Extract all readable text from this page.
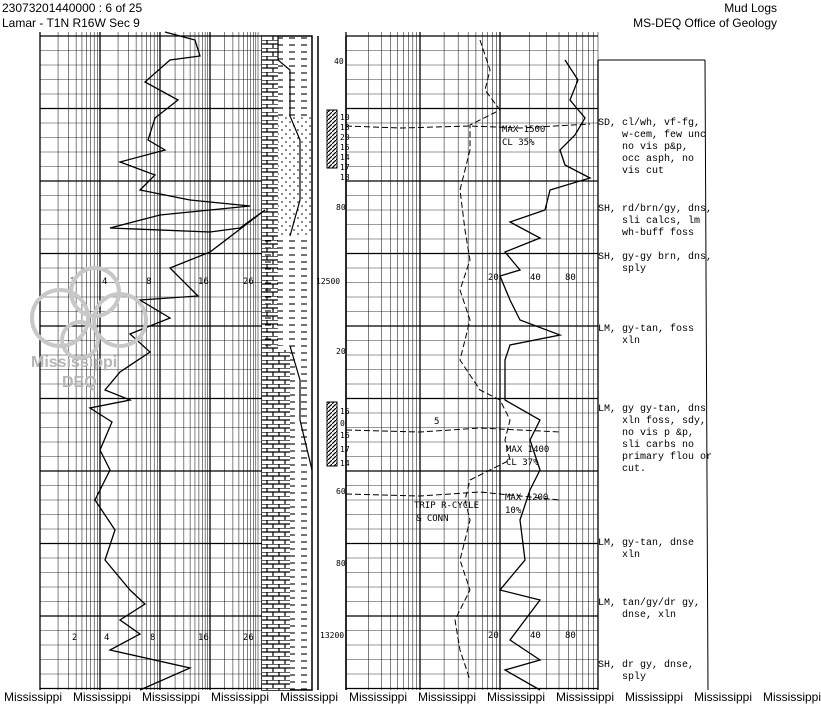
23073201440000 : 6 of 25
Lamar - T1N R16W Sec 9
Mud Logs
MS-DEQ Office of Geology
2	4	8	16	26
2	4	8	16	26
20	40	80
20	40	80
40
10
13
20
15
14
17
18
80
12500
20
15
0
16
17
14
60
80
13200
MAX 1500
CL 35%
5
MAX 1400
CL 37%
TRIP R-CYCLE
& CONN
MAX 1200
10%
SD, cl/wh, vf-fg,
w-cem, few unc
no vis p&p,
occ asph, no
vis cut
SH, rd/brn/gy, dns,
sli calcs, lm
wh-buff foss
SH, gy-gy brn, dns,
sply
LM, gy-tan, foss
xln
LM, gy gy-tan, dns
xln foss, sdy,
no vis p &p,
sli carbs no
primary flou or
cut.
LM, gy-tan, dnse
xln
LM, tan/gy/dr gy,
dnse, xln
SH, dr gy, dnse,
sply
Mississippi
DEQ
Mississippi Mississippi Mississippi Mississippi Mississippi Mississippi Mississippi Mississippi Mississippi Mississippi Mississippi Mississippi
